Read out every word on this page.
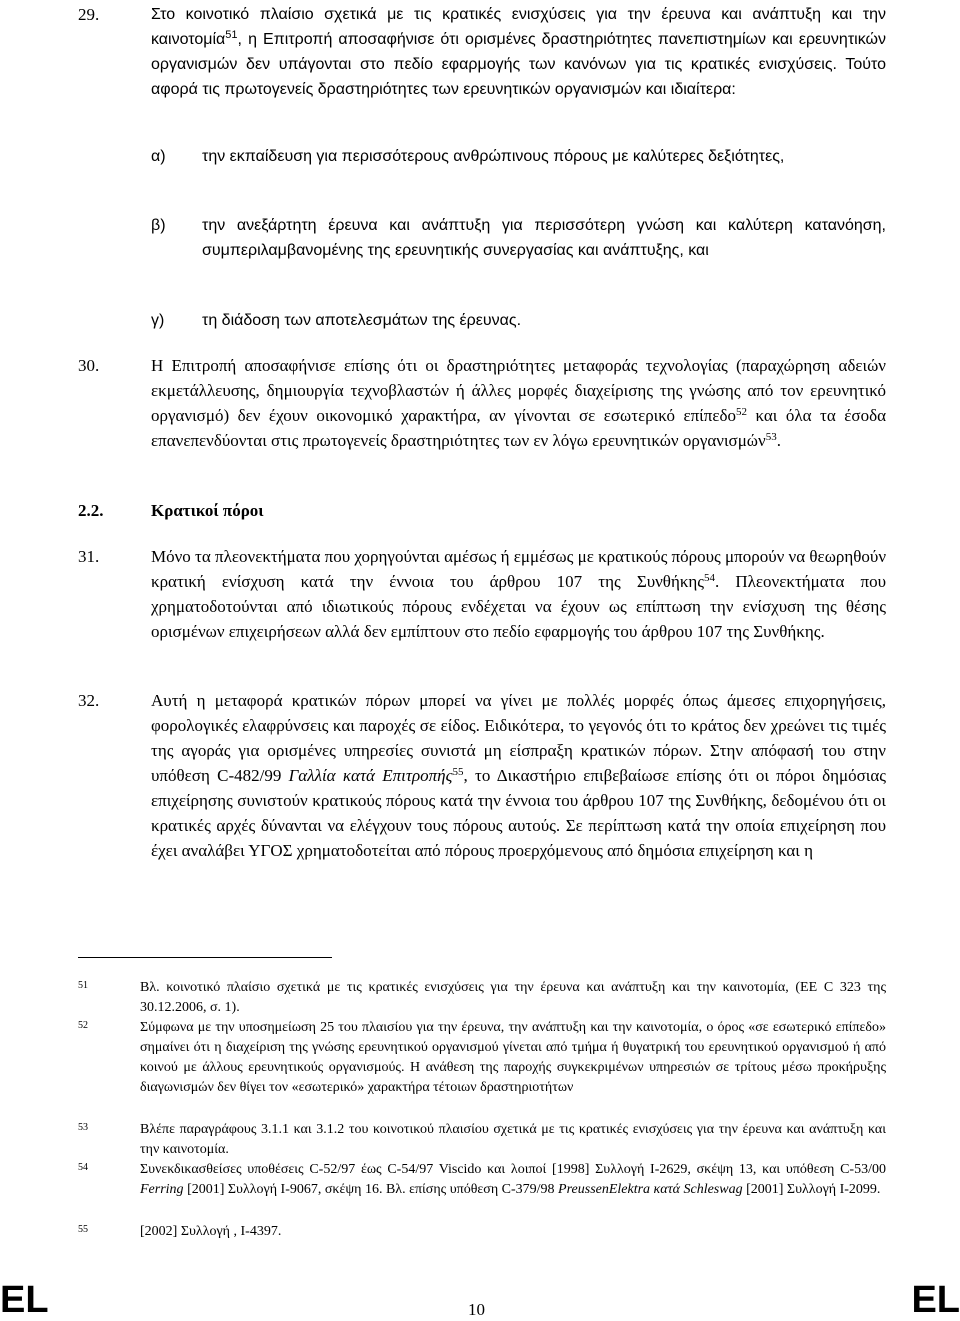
29.	Στο κοινοτικό πλαίσιο σχετικά με τις κρατικές ενισχύσεις για την έρευνα και ανάπτυξη και την καινοτομία$^{51}$, η Επιτροπή αποσαφήνισε ότι ορισμένες δραστηριότητες πανεπιστημίων και ερευνητικών οργανισμών δεν υπάγονται στο πεδίο εφαρμογής των κανόνων για τις κρατικές ενισχύσεις. Τούτο αφορά τις πρωτογενείς δραστηριότητες των ερευνητικών οργανισμών και ιδιαίτερα:
α) την εκπαίδευση για περισσότερους ανθρώπινους πόρους με καλύτερες δεξιότητες,
β) την ανεξάρτητη έρευνα και ανάπτυξη για περισσότερη γνώση και καλύτερη κατανόηση, συμπεριλαμβανομένης της ερευνητικής συνεργασίας και ανάπτυξης, και
γ) τη διάδοση των αποτελεσμάτων της έρευνας.
30.	Η Επιτροπή αποσαφήνισε επίσης ότι οι δραστηριότητες μεταφοράς τεχνολογίας (παραχώρηση αδειών εκμετάλλευσης, δημιουργία τεχνοβλαστών ή άλλες μορφές διαχείρισης της γνώσης από τον ερευνητικό οργανισμό) δεν έχουν οικονομικό χαρακτήρα, αν γίνονται σε εσωτερικό επίπεδο$^{52}$ και όλα τα έσοδα επανεπενδύονται στις πρωτογενείς δραστηριότητες των εν λόγω ερευνητικών οργανισμών$^{53}$.
2.2.	Κρατικοί πόροι
31.	Μόνο τα πλεονεκτήματα που χορηγούνται αμέσως ή εμμέσως με κρατικούς πόρους μπορούν να θεωρηθούν κρατική ενίσχυση κατά την έννοια του άρθρου 107 της Συνθήκης$^{54}$. Πλεονεκτήματα που χρηματοδοτούνται από ιδιωτικούς πόρους ενδέχεται να έχουν ως επίπτωση την ενίσχυση της θέσης ορισμένων επιχειρήσεων αλλά δεν εμπίπτουν στο πεδίο εφαρμογής του άρθρου 107 της Συνθήκης.
32.	Αυτή η μεταφορά κρατικών πόρων μπορεί να γίνει με πολλές μορφές όπως άμεσες επιχορηγήσεις, φορολογικές ελαφρύνσεις και παροχές σε είδος. Ειδικότερα, το γεγονός ότι το κράτος δεν χρεώνει τις τιμές της αγοράς για ορισμένες υπηρεσίες συνιστά μη είσπραξη κρατικών πόρων. Στην απόφασή του στην υπόθεση C-482/99 Γαλλία κατά Επιτροπής$^{55}$, το Δικαστήριο επιβεβαίωσε επίσης ότι οι πόροι δημόσιας επιχείρησης συνιστούν κρατικούς πόρους κατά την έννοια του άρθρου 107 της Συνθήκης, δεδομένου ότι οι κρατικές αρχές δύνανται να ελέγχουν τους πόρους αυτούς. Σε περίπτωση κατά την οποία επιχείρηση που έχει αναλάβει ΥΓΟΣ χρηματοδοτείται από πόρους προερχόμενους από δημόσια επιχείρηση και η
51	Βλ. κοινοτικό πλαίσιο σχετικά με τις κρατικές ενισχύσεις για την έρευνα και ανάπτυξη και την καινοτομία, (ΕΕ C 323 της 30.12.2006, σ. 1).
52	Σύμφωνα με την υποσημείωση 25 του πλαισίου για την έρευνα, την ανάπτυξη και την καινοτομία, ο όρος «σε εσωτερικό επίπεδο» σημαίνει ότι η διαχείριση της γνώσης ερευνητικού οργανισμού γίνεται από τμήμα ή θυγατρική του ερευνητικού οργανισμού ή από κοινού με άλλους ερευνητικούς οργανισμούς. Η ανάθεση της παροχής συγκεκριμένων υπηρεσιών σε τρίτους μέσω προκήρυξης διαγωνισμών δεν θίγει τον «εσωτερικό» χαρακτήρα τέτοιων δραστηριοτήτων
53	Βλέπε παραγράφους 3.1.1 και 3.1.2 του κοινοτικού πλαισίου σχετικά με τις κρατικές ενισχύσεις για την έρευνα και ανάπτυξη και την καινοτομία.
54	Συνεκδικασθείσες υποθέσεις C-52/97 έως C-54/97 Viscido και λοιποί [1998] Συλλογή I-2629, σκέψη 13, και υπόθεση C-53/00 Ferring [2001] Συλλογή I-9067, σκέψη 16. Βλ. επίσης υπόθεση C-379/98 PreussenElektra κατά Schleswag [2001] Συλλογή I-2099.
55	[2002] Συλλογή , I-4397.
EL	10	EL
